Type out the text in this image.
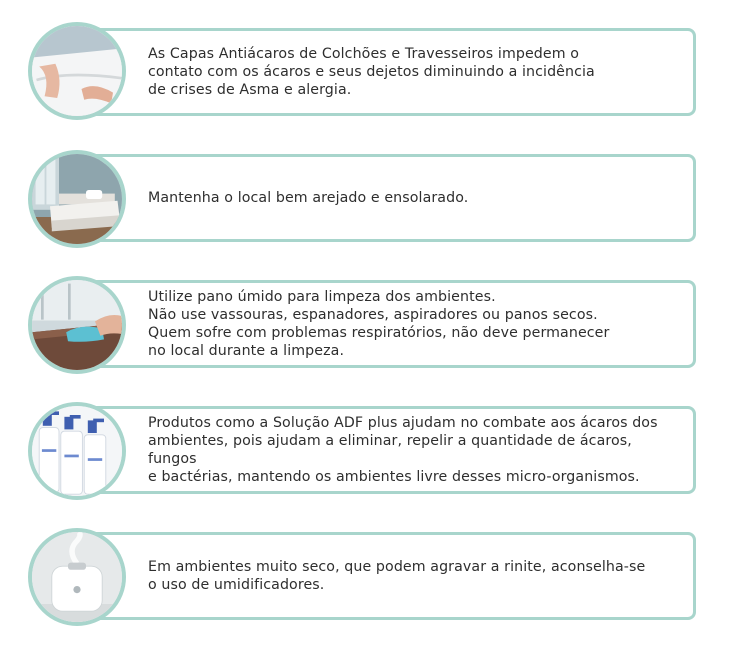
As Capas Antiácaros de Colchões e Travesseiros impedem o
contato com os ácaros e seus dejetos diminuindo a incidência
de crises de Asma e alergia.
Mantenha o local bem arejado e ensolarado.
Utilize pano úmido para limpeza dos ambientes.
Não use vassouras, espanadores, aspiradores ou panos secos.
Quem sofre com problemas respiratórios, não deve permanecer
no local durante a limpeza.
Produtos como a Solução ADF plus ajudam no combate aos ácaros dos
ambientes, pois ajudam a eliminar, repelir a quantidade de ácaros, fungos
e bactérias, mantendo os ambientes livre desses micro-organismos.
Em ambientes muito seco, que podem agravar a rinite, aconselha-se
o uso de umidificadores.
